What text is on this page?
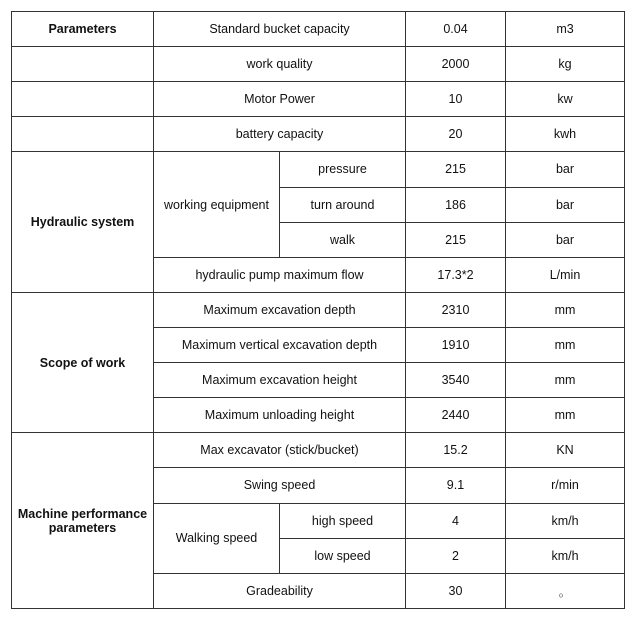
Parameters	Standard bucket capacity		0.04	m3
	work quality		2000	kg
	Motor Power		10	kw
	battery capacity		20	kwh
Hydraulic system	working equipment	pressure	215	bar
		turn around	186	bar
		walk	215	bar
	hydraulic pump maximum flow		17.3*2	L/min
Scope of work	Maximum excavation depth		2310	mm
	Maximum vertical excavation depth		1910	mm
	Maximum excavation height		3540	mm
	Maximum unloading height		2440	mm
Machine performance parameters	Max excavator (stick/bucket)		15.2	KN
	Swing speed		9.1	r/min
	Walking speed	high speed	4	km/h
		low speed	2	km/h
	Gradeability		30	。
